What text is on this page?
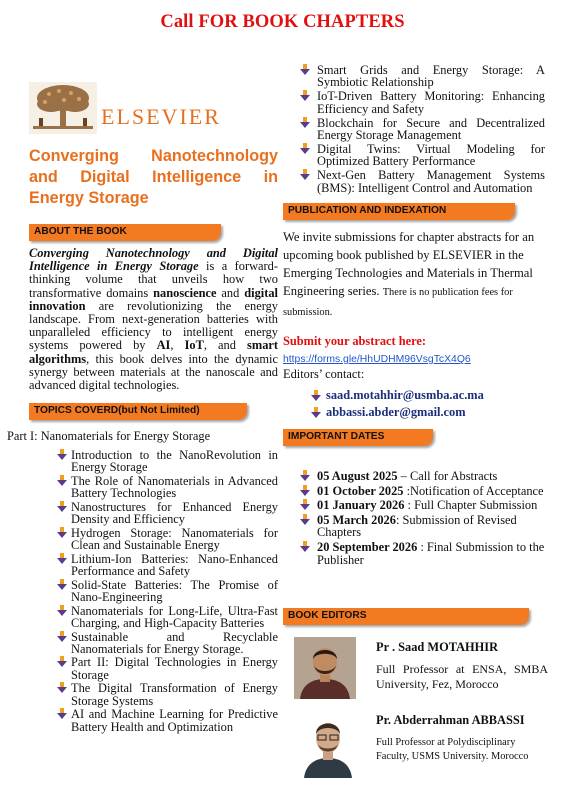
Call FOR BOOK CHAPTERS
ELSEVIER
Converging Nanotechnology and Digital Intelligence in Energy Storage
ABOUT THE BOOK
Converging Nanotechnology and Digital Intelligence in Energy Storage is a forward-thinking volume that unveils how two transformative domains nanoscience and digital innovation are revolutionizing the energy landscape. From next-generation batteries with unparalleled efficiency to intelligent energy systems powered by AI, IoT, and smart algorithms, this book delves into the dynamic synergy between materials at the nanoscale and advanced digital technologies.
TOPICS COVERD(but Not Limited)
Part I: Nanomaterials for Energy Storage
Introduction to the NanoRevolution in Energy Storage
The Role of Nanomaterials in Advanced Battery Technologies
Nanostructures for Enhanced Energy Density and Efficiency
Hydrogen Storage: Nanomaterials for Clean and Sustainable Energy
Lithium-Ion Batteries: Nano-Enhanced Performance and Safety
Solid-State Batteries: The Promise of Nano-Engineering
Nanomaterials for Long-Life, Ultra-Fast Charging, and High-Capacity Batteries
Sustainable and Recyclable Nanomaterials for Energy Storage.
Part II: Digital Technologies in Energy Storage
The Digital Transformation of Energy Storage Systems
AI and Machine Learning for Predictive Battery Health and Optimization
Smart Grids and Energy Storage: A Symbiotic Relationship
IoT-Driven Battery Monitoring: Enhancing Efficiency and Safety
Blockchain for Secure and Decentralized Energy Storage Management
Digital Twins: Virtual Modeling for Optimized Battery Performance
Next-Gen Battery Management Systems (BMS): Intelligent Control and Automation
PUBLICATION AND INDEXATION
We invite submissions for chapter abstracts for an upcoming book published by ELSEVIER in the Emerging Technologies and Materials in Thermal Engineering series. There is no publication fees for submission.
Submit your abstract here:
https://forms.gle/HhUDHM96VsgTcX4Q6
Editors’ contact:
saad.motahhir@usmba.ac.ma
abbassi.abder@gmail.com
IMPORTANT DATES
05 August 2025 – Call for Abstracts
01 October 2025 :Notification of Acceptance
01 January 2026 : Full Chapter Submission
05 March 2026: Submission of Revised Chapters
20 September 2026 : Final Submission to the Publisher
BOOK EDITORS
Pr . Saad MOTAHHIR
Full Professor at ENSA, SMBA University, Fez, Morocco
Pr. Abderrahman ABBASSI
Full Professor at Polydisciplinary Faculty, USMS University. Morocco
